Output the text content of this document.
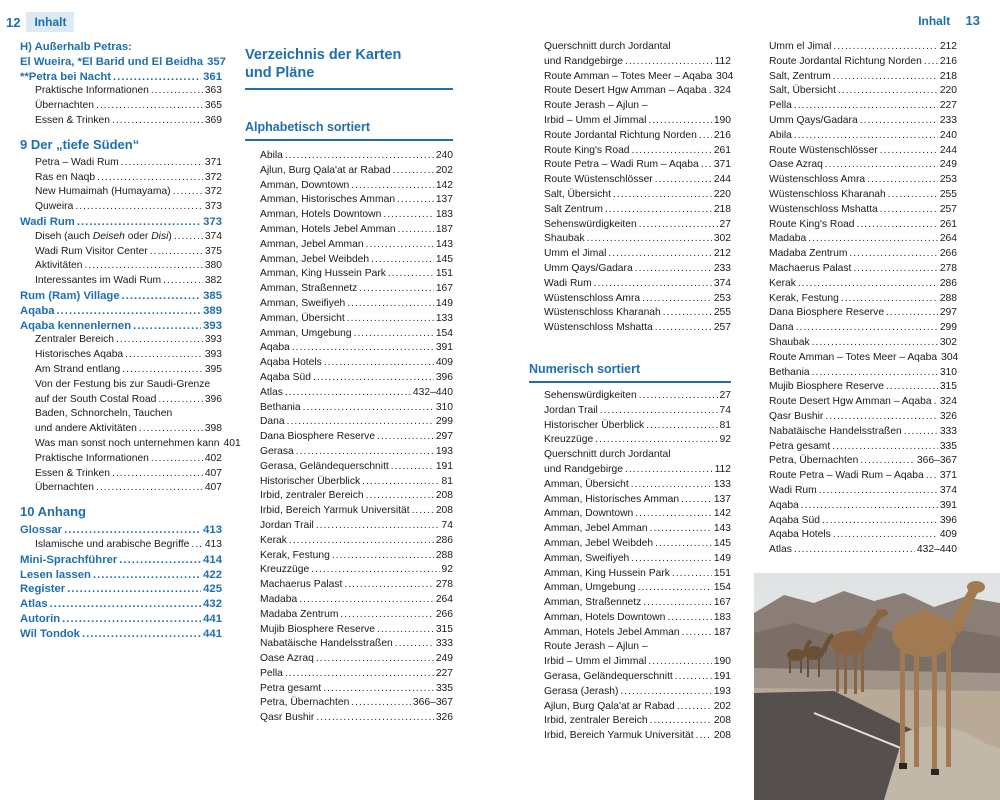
12	Inhalt	Inhalt 13
H) Außerhalb Petras:
El Wueira, *El Barid und El Beidha 357
**Petra bei Nacht .....	361
Praktische Informationen .....	363
Übernachten .....	365
Essen & Trinken .....	369
9 Der „tiefe Süden“
Petra – Wadi Rum .....	371
Ras en Naqb .....	372
New Humaimah (Humayama) .....	372
Quweira .....	373
Wadi Rum .....	373
Diseh (auch Deiseh oder Disi) .....	374
Wadi Rum Visitor Center .....	375
Aktivitäten .....	380
Interessantes im Wadi Rum .....	382
Rum (Ram) Village .....	385
Aqaba .....	389
Aqaba kennenlernen .....	393
Zentraler Bereich .....	393
Historisches Aqaba .....	393
Am Strand entlang .....	395
Von der Festung bis zur Saudi-Grenze
auf der South Costal Road .....	396
Baden, Schnorcheln, Tauchen
und andere Aktivitäten .....	398
Was man sonst noch unternehmen kann 401
Praktische Informationen .....	402
Essen & Trinken .....	407
Übernachten .....	407
10 Anhang
Glossar .....	413
Islamische und arabische Begriffe ..... 413
Mini-Sprachführer .....	414
Lesen lassen .....	422
Register .....	425
Atlas .....	432
Autorin .....	441
Wil Tondok .....	441
Verzeichnis der Karten
und Pläne
Alphabetisch sortiert
Abila .....	240
Ajlun, Burg Qala'at ar Rabad .....	202
Amman, Downtown .....	142
Amman, Historisches Amman .....	137
Amman, Hotels Downtown .....	183
Amman, Hotels Jebel Amman .....	187
Amman, Jebel Amman .....	143
Amman, Jebel Weibdeh .....	145
Amman, King Hussein Park .....	151
Amman, Straßennetz .....	167
Amman, Sweifiyeh .....	149
Amman, Übersicht .....	133
Amman, Umgebung .....	154
Aqaba .....	391
Aqaba Hotels .....	409
Aqaba Süd .....	396
Atlas .....	432–440
Bethania .....	310
Dana .....	299
Dana Biosphere Reserve .....	297
Gerasa .....	193
Gerasa, Geländequerschnitt .....	191
Historischer Überblick .....	81
Irbid, zentraler Bereich .....	208
Irbid, Bereich Yarmuk Universität .....	208
Jordan Trail .....	74
Kerak .....	286
Kerak, Festung .....	288
Kreuzzüge .....	92
Machaerus Palast .....	278
Madaba .....	264
Madaba Zentrum .....	266
Mujib Biosphere Reserve .....	315
Nabatäische Handelsstraßen .....	333
Oase Azraq .....	249
Pella .....	227
Petra gesamt .....	335
Petra, Übernachten .....	366–367
Qasr Bushir .....	326
Querschnitt durch Jordantal
und Randgebirge .....	112
Route Amman – Totes Meer – Aqaba 304
Route Desert Hgw Amman – Aqaba ..... 324
Route Jerash – Ajlun –
Irbid – Umm el Jimmal .....	190
Route Jordantal Richtung Norden ..... 216
Route King's Road .....	261
Route Petra – Wadi Rum – Aqaba ..... 371
Route Wüstenschlösser .....	244
Salt, Übersicht .....	220
Salt Zentrum .....	218
Sehenswürdigkeiten .....	27
Shaubak .....	302
Umm el Jimal .....	212
Umm Qays/Gadara .....	233
Wadi Rum .....	374
Wüstenschloss Amra .....	253
Wüstenschloss Kharanah .....	255
Wüstenschloss Mshatta .....	257
Numerisch sortiert
Sehenswürdigkeiten .....	27
Jordan Trail .....	74
Historischer Überblick .....	81
Kreuzzüge .....	92
Querschnitt durch Jordantal
und Randgebirge .....	112
Amman, Übersicht .....	133
Amman, Historisches Amman .....	137
Amman, Downtown .....	142
Amman, Jebel Amman .....	143
Amman, Jebel Weibdeh .....	145
Amman, Sweifiyeh .....	149
Amman, King Hussein Park .....	151
Amman, Umgebung .....	154
Amman, Straßennetz .....	167
Amman, Hotels Downtown .....	183
Amman, Hotels Jebel Amman .....	187
Route Jerash – Ajlun –
Irbid – Umm el Jimmal .....	190
Gerasa, Geländequerschnitt .....	191
Gerasa (Jerash) .....	193
Ajlun, Burg Qala'at ar Rabad .....	202
Irbid, zentraler Bereich .....	208
Irbid, Bereich Yarmuk Universität ..... 208
Umm el Jimal .....	212
Route Jordantal Richtung Norden ..... 216
Salt, Zentrum .....	218
Salt, Übersicht .....	220
Pella .....	227
Umm Qays/Gadara .....	233
Abila .....	240
Route Wüstenschlösser .....	244
Oase Azraq .....	249
Wüstenschloss Amra .....	253
Wüstenschloss Kharanah .....	255
Wüstenschloss Mshatta .....	257
Route King's Road .....	261
Madaba .....	264
Madaba Zentrum .....	266
Machaerus Palast .....	278
Kerak .....	286
Kerak, Festung .....	288
Dana Biosphere Reserve .....	297
Dana .....	299
Shaubak .....	302
Route Amman – Totes Meer – Aqaba 304
Bethania .....	310
Mujib Biosphere Reserve .....	315
Route Desert Hgw Amman – Aqaba ..... 324
Qasr Bushir .....	326
Nabatäische Handelsstraßen .....	333
Petra gesamt .....	335
Petra, Übernachten .....	366–367
Route Petra – Wadi Rum – Aqaba ..... 371
Wadi Rum .....	374
Aqaba .....	391
Aqaba Süd .....	396
Aqaba Hotels .....	409
Atlas .....	432–440
